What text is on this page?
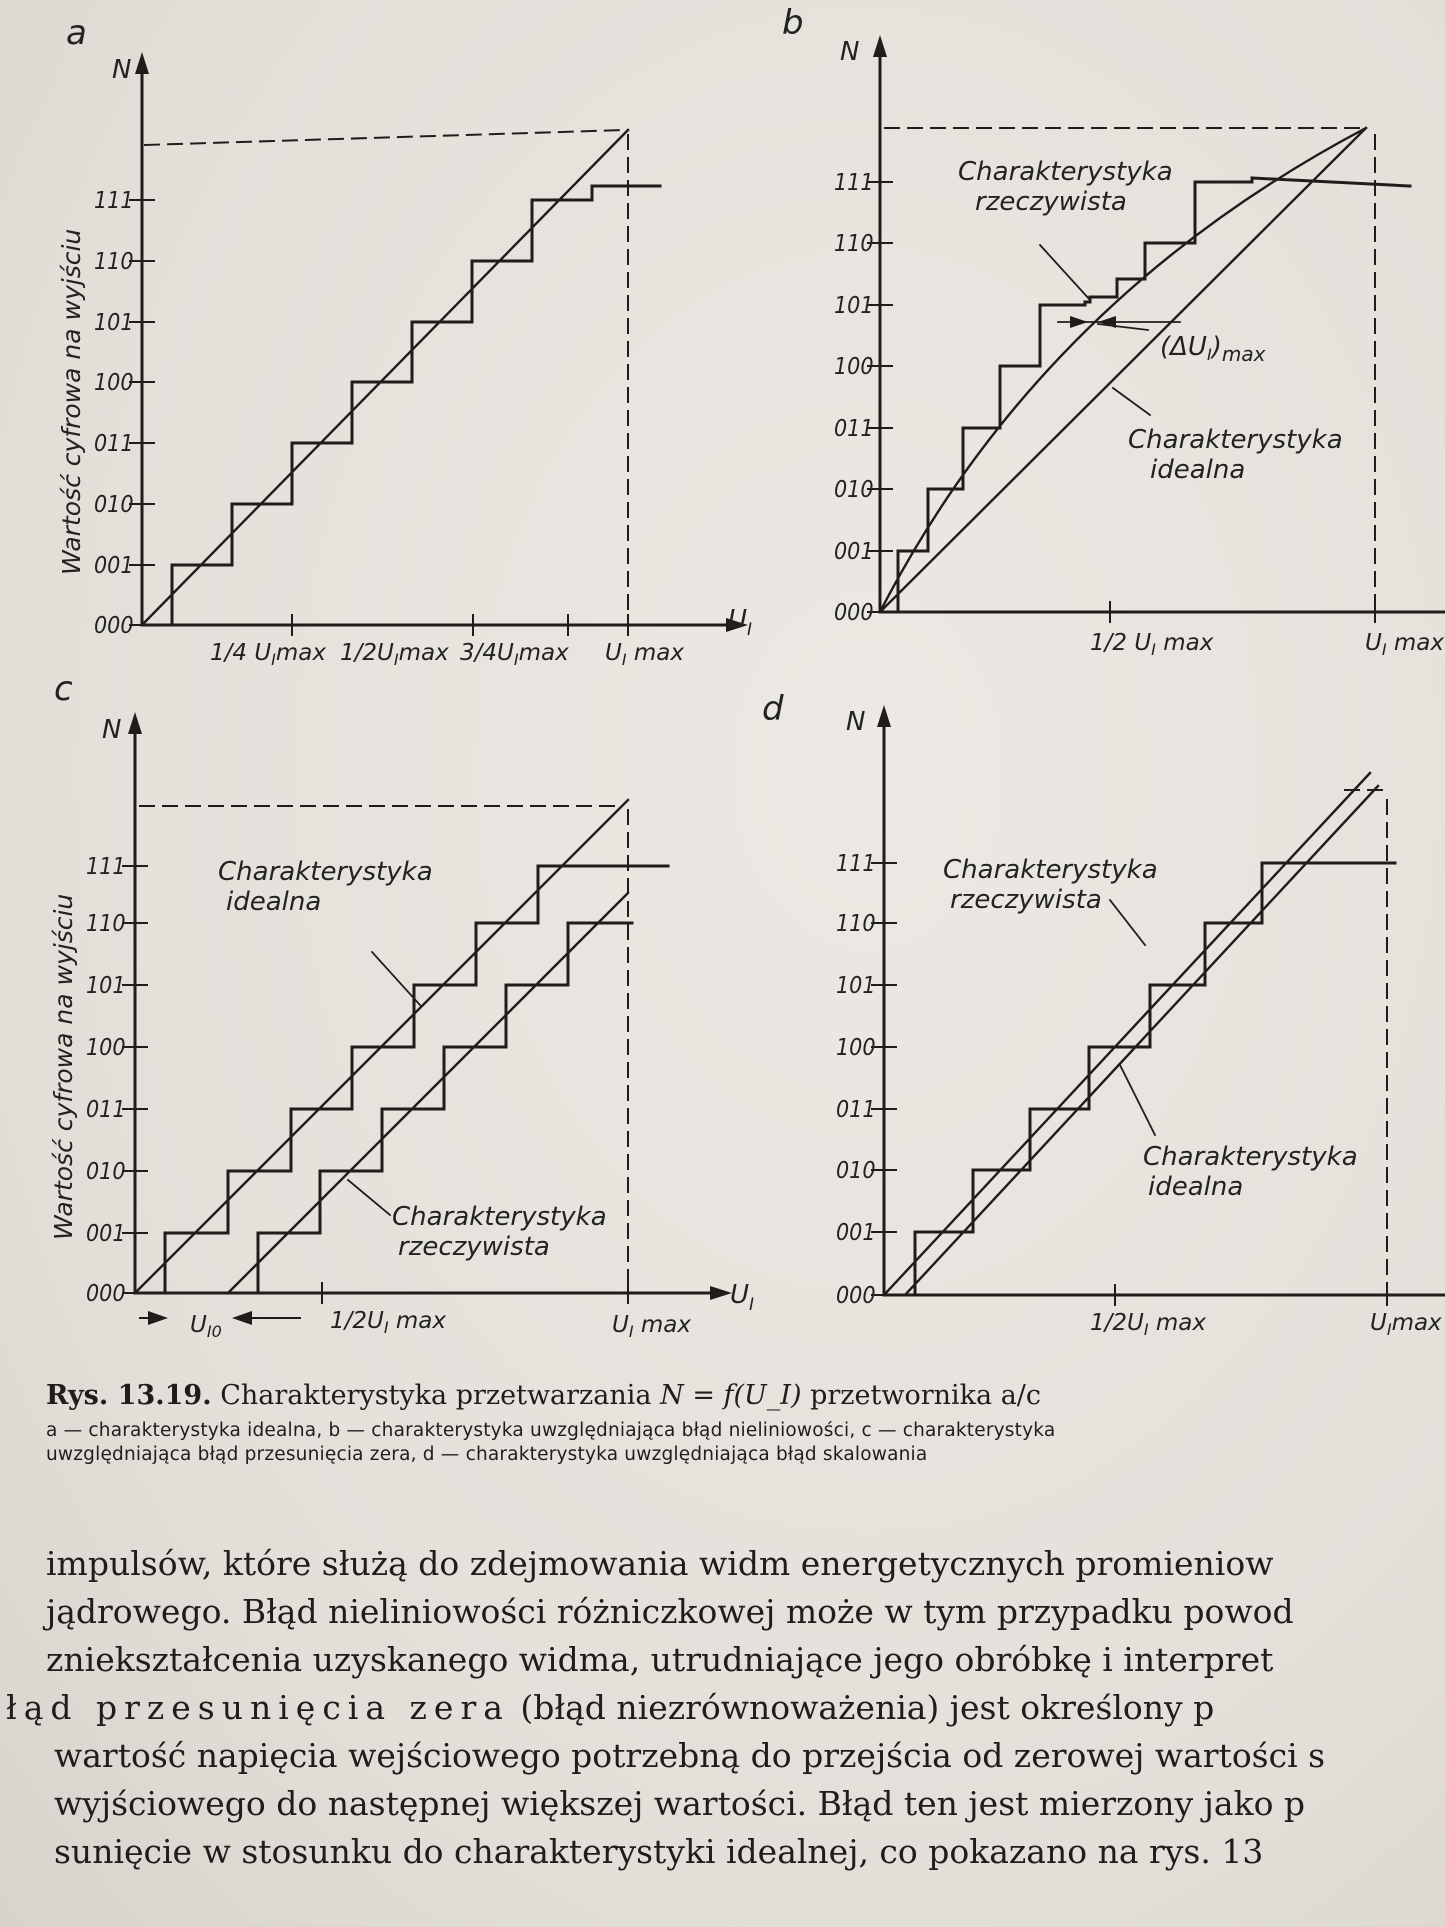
a
N
$U_I$
000
001
010
011
100
101
110
111
Wartość cyfrowa na wyjściu
1/4 $U_I\max$ $1/2U_I\max$ $3/4U_I\max$ $U_I$ max
b
N
000
001
010
011
100
101
110
111
1/2 $U_I$ max	$U_I$ max
Charakterystyka
rzeczywista
$(\Delta UI)_{max}$
Charakterystyka
idealna
c
N
$U_I$
000
001
010
011
100
101
110
111
Wartość cyfrowa na wyjściu
$U_{I0}$	$1/2U_I$ max	$U_I$ max
Charakterystyka
idealna
Charakterystyka
rzeczywista
d N
000
001
010
011
100
101
110
111
$1/2U_I$ max	$U_I\max$
Charakterystyka
rzeczywista
Charakterystyka
idealna
Rys. 13.19. Charakterystyka przetwarzania N = f(U_I) przetwornika a/c
a — charakterystyka idealna, b — charakterystyka uwzględniająca błąd nieliniowości, c — charakterystyka
uwzględniająca błąd przesunięcia zera, d — charakterystyka uwzględniająca błąd skalowania

impulsów, które służą do zdejmowania widm energetycznych promieniow

jądrowego. Błąd nieliniowości różniczkowej może w tym przypadku powod

zniekształcenia uzyskanego widma, utrudniające jego obróbkę i interpret

łąd przesunięcia zera (błąd niezrównoważenia) jest określony p

wartość napięcia wejściowego potrzebną do przejścia od zerowej wartości s

wyjściowego do następnej większej wartości. Błąd ten jest mierzony jako p

sunięcie w stosunku do charakterystyki idealnej, co pokazano na rys. 13
